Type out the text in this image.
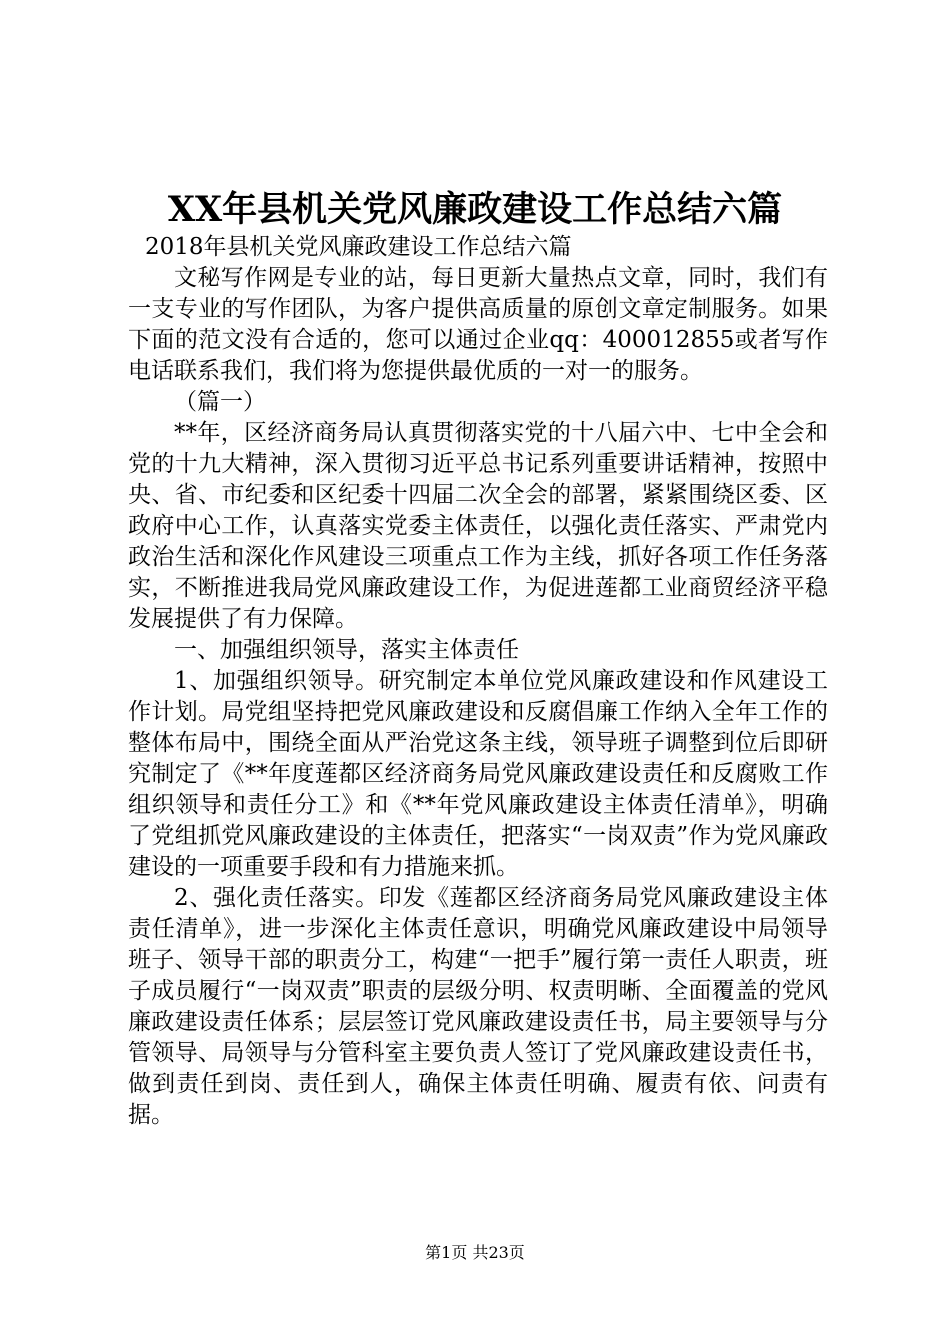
XX年县机关党风廉政建设工作总结六篇

2018年县机关党风廉政建设工作总结六篇

文秘写作网是专业的站，每日更新大量热点文章，同时，我们有一支专业的写作团队，为客户提供高质量的原创文章定制服务。如果下面的范文没有合适的，您可以通过企业qq：400012855或者写作电话联系我们，我们将为您提供最优质的一对一的服务。

（篇一）

**年，区经济商务局认真贯彻落实党的十八届六中、七中全会和党的十九大精神，深入贯彻习近平总书记系列重要讲话精神，按照中央、省、市纪委和区纪委十四届二次全会的部署，紧紧围绕区委、区政府中心工作，认真落实党委主体责任，以强化责任落实、严肃党内政治生活和深化作风建设三项重点工作为主线，抓好各项工作任务落实，不断推进我局党风廉政建设工作，为促进莲都工业商贸经济平稳发展提供了有力保障。

一、加强组织领导，落实主体责任

1、加强组织领导。研究制定本单位党风廉政建设和作风建设工作计划。局党组坚持把党风廉政建设和反腐倡廉工作纳入全年工作的整体布局中，围绕全面从严治党这条主线，领导班子调整到位后即研究制定了《**年度莲都区经济商务局党风廉政建设责任和反腐败工作组织领导和责任分工》和《**年党风廉政建设主体责任清单》，明确了党组抓党风廉政建设的主体责任，把落实“一岗双责”作为党风廉政建设的一项重要手段和有力措施来抓。

2、强化责任落实。印发《莲都区经济商务局党风廉政建设主体责任清单》，进一步深化主体责任意识，明确党风廉政建设中局领导班子、领导干部的职责分工，构建“一把手”履行第一责任人职责，班子成员履行“一岗双责”职责的层级分明、权责明晰、全面覆盖的党风廉政建设责任体系；层层签订党风廉政建设责任书，局主要领导与分管领导、局领导与分管科室主要负责人签订了党风廉政建设责任书，做到责任到岗、责任到人，确保主体责任明确、履责有依、问责有据。

第1页 共23页
